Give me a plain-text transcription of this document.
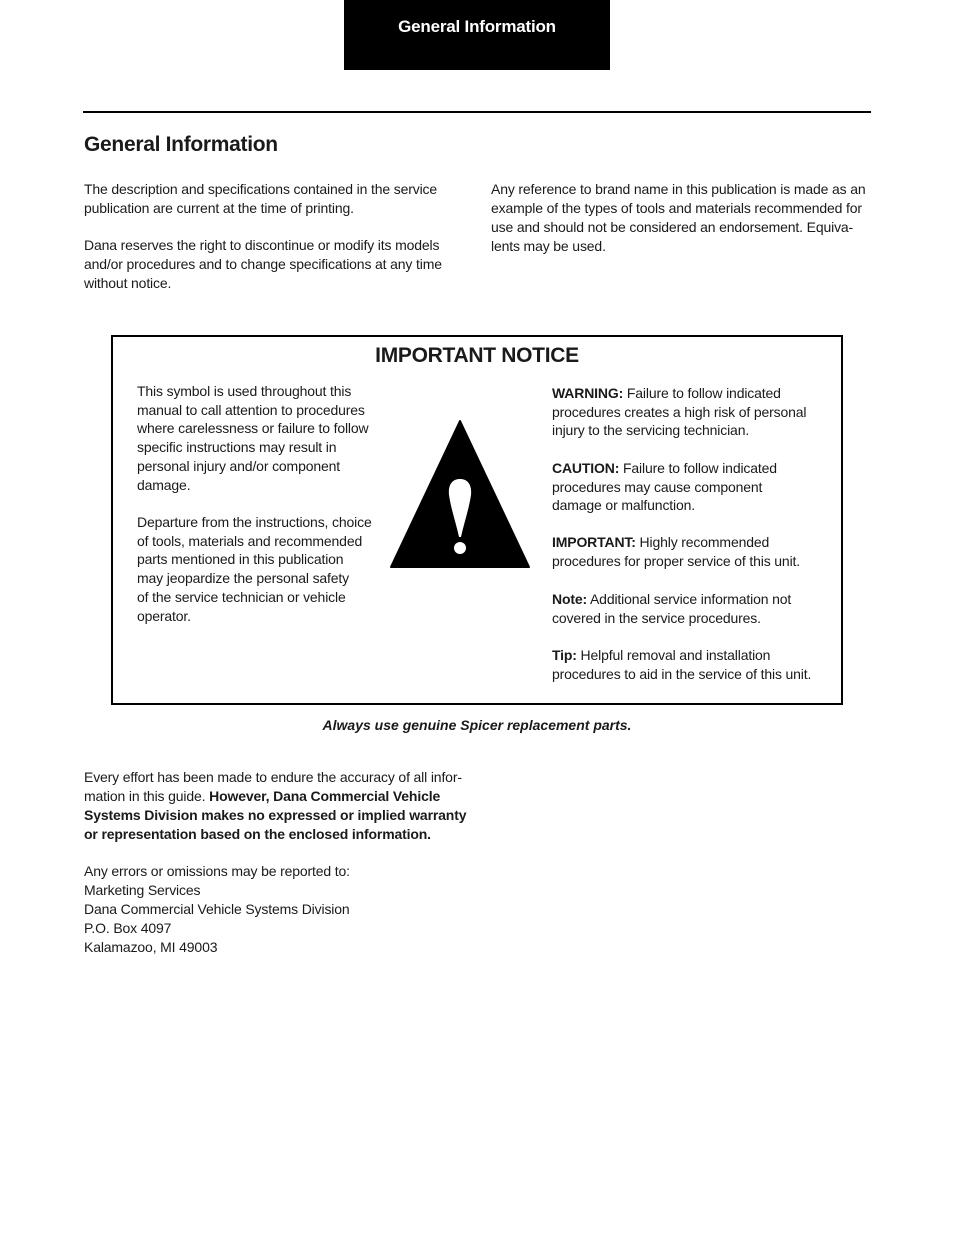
General Information
General Information

The description and specifications contained in the service
publication are current at the time of printing.

Dana reserves the right to discontinue or modify its models
and/or procedures and to change specifications at any time
without notice.

Any reference to brand name in this publication is made as an
example of the types of tools and materials recommended for
use and should not be considered an endorsement. Equiva-
lents may be used.

IMPORTANT NOTICE

This symbol is used throughout this
manual to call attention to procedures
where carelessness or failure to follow
specific instructions may result in
personal injury and/or component
damage.

Departure from the instructions, choice
of tools, materials and recommended
parts mentioned in this publication
may jeopardize the personal safety
of the service technician or vehicle
operator.

WARNING: Failure to follow indicated
procedures creates a high risk of personal
injury to the servicing technician.

CAUTION: Failure to follow indicated
procedures may cause component
damage or malfunction.

IMPORTANT: Highly recommended
procedures for proper service of this unit.

Note: Additional service information not
covered in the service procedures.

Tip: Helpful removal and installation
procedures to aid in the service of this unit.

Always use genuine Spicer replacement parts.

Every effort has been made to endure the accuracy of all infor-
mation in this guide. However, Dana Commercial Vehicle
Systems Division makes no expressed or implied warranty
or representation based on the enclosed information.

Any errors or omissions may be reported to:
Marketing Services
Dana Commercial Vehicle Systems Division
P.O. Box 4097
Kalamazoo, MI 49003
